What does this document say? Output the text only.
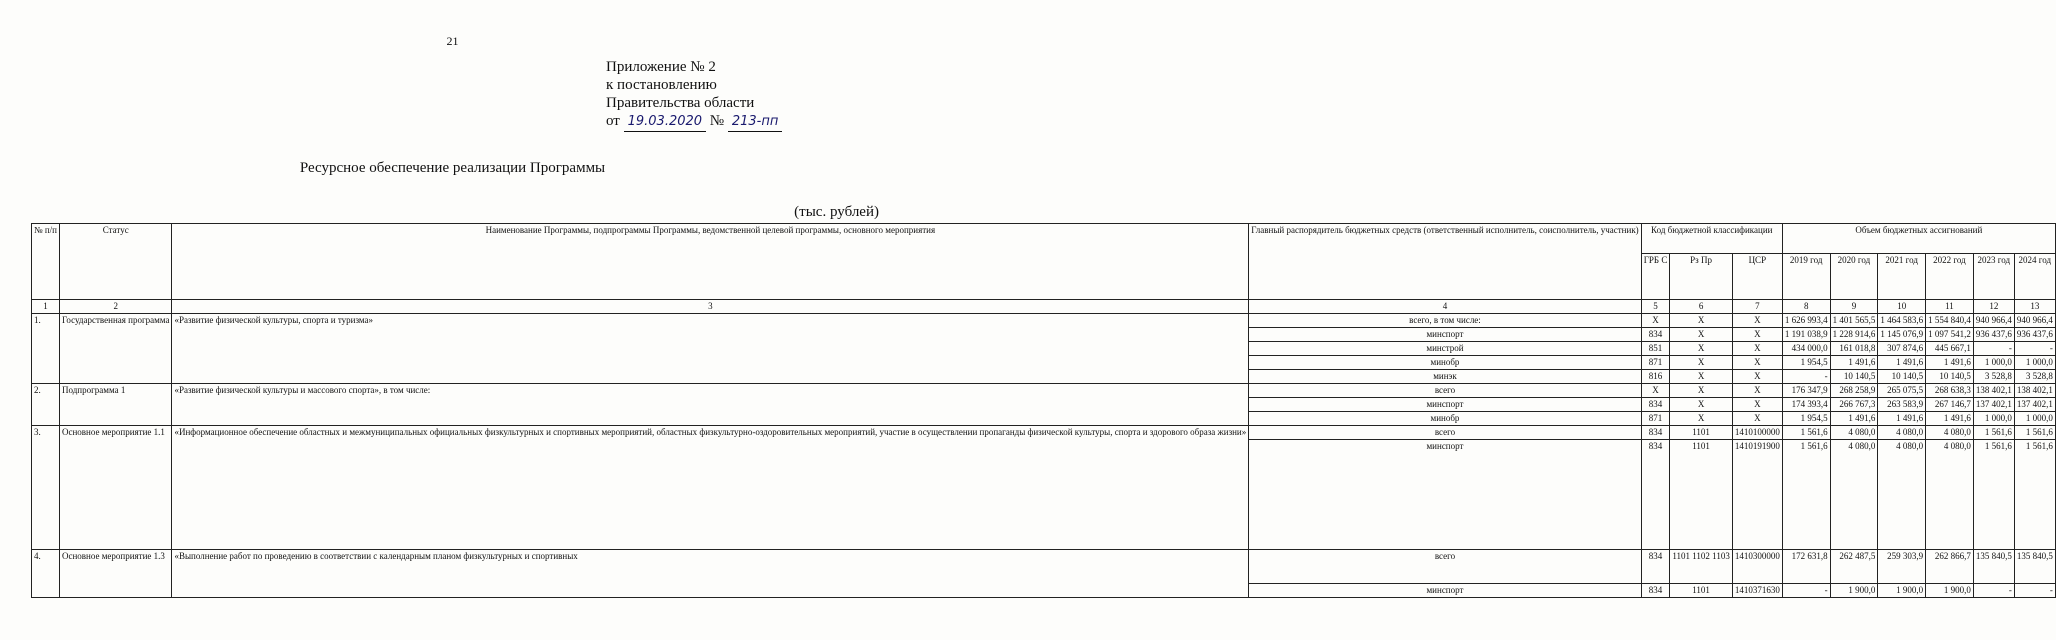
21
Приложение № 2
к постановлению
Правительства области
от 19.03.2020 № 213-пп
Ресурсное обеспечение реализации Программы
(тыс. рублей)
№ п/п	Статус	Наименование Программы, подпрограммы Программы, ведомственной целевой программы, основного мероприятия	Главный распорядитель бюджетных средств (ответственный исполнитель, соисполнитель, участник)	Код бюджетной классификации			Объем бюджетных ассигнований					
				ГРБ С	Рз Пр	ЦСР	2019 год	2020 год	2021 год	2022 год	2023 год	2024 год
1	2	3	4	5	6	7	8	9	10	11	12	13
1.	Государственная программа	«Развитие физической культуры, спорта и туризма»	всего, в том числе:	Х	Х	Х	1 626 993,4	1 401 565,5	1 464 583,6	1 554 840,4	940 966,4	940 966,4
			минспорт	834	Х	Х	1 191 038,9	1 228 914,6	1 145 076,9	1 097 541,2	936 437,6	936 437,6
			минстрой	851	Х	Х	434 000,0	161 018,8	307 874,6	445 667,1	-	-
			минобр	871	Х	Х	1 954,5	1 491,6	1 491,6	1 491,6	1 000,0	1 000,0
			минэк	816	Х	Х	-	10 140,5	10 140,5	10 140,5	3 528,8	3 528,8
2.	Подпрограмма 1	«Развитие физической культуры и массового спорта», в том числе:	всего	Х	Х	Х	176 347,9	268 258,9	265 075,5	268 638,3	138 402,1	138 402,1
			минспорт	834	Х	Х	174 393,4	266 767,3	263 583,9	267 146,7	137 402,1	137 402,1
			минобр	871	Х	Х	1 954,5	1 491,6	1 491,6	1 491,6	1 000,0	1 000,0
3.	Основное мероприятие 1.1	«Информационное обеспечение областных и межмуниципальных официальных физкультурных и спортивных мероприятий, областных физкультурно-оздоровительных мероприятий, участие в осуществлении пропаганды физической культуры, спорта и здорового образа жизни»	всего	834	1101	1410100000	1 561,6	4 080,0	4 080,0	4 080,0	1 561,6	1 561,6
			минспорт	834	1101	1410191900	1 561,6	4 080,0	4 080,0	4 080,0	1 561,6	1 561,6
4.	Основное мероприятие 1.3	«Выполнение работ по проведению в соответствии с календарным планом физкультурных и спортивных	всего	834	1101 1102 1103	1410300000	172 631,8	262 487,5	259 303,9	262 866,7	135 840,5	135 840,5
			минспорт	834	1101	1410371630	-	1 900,0	1 900,0	1 900,0	-	-
